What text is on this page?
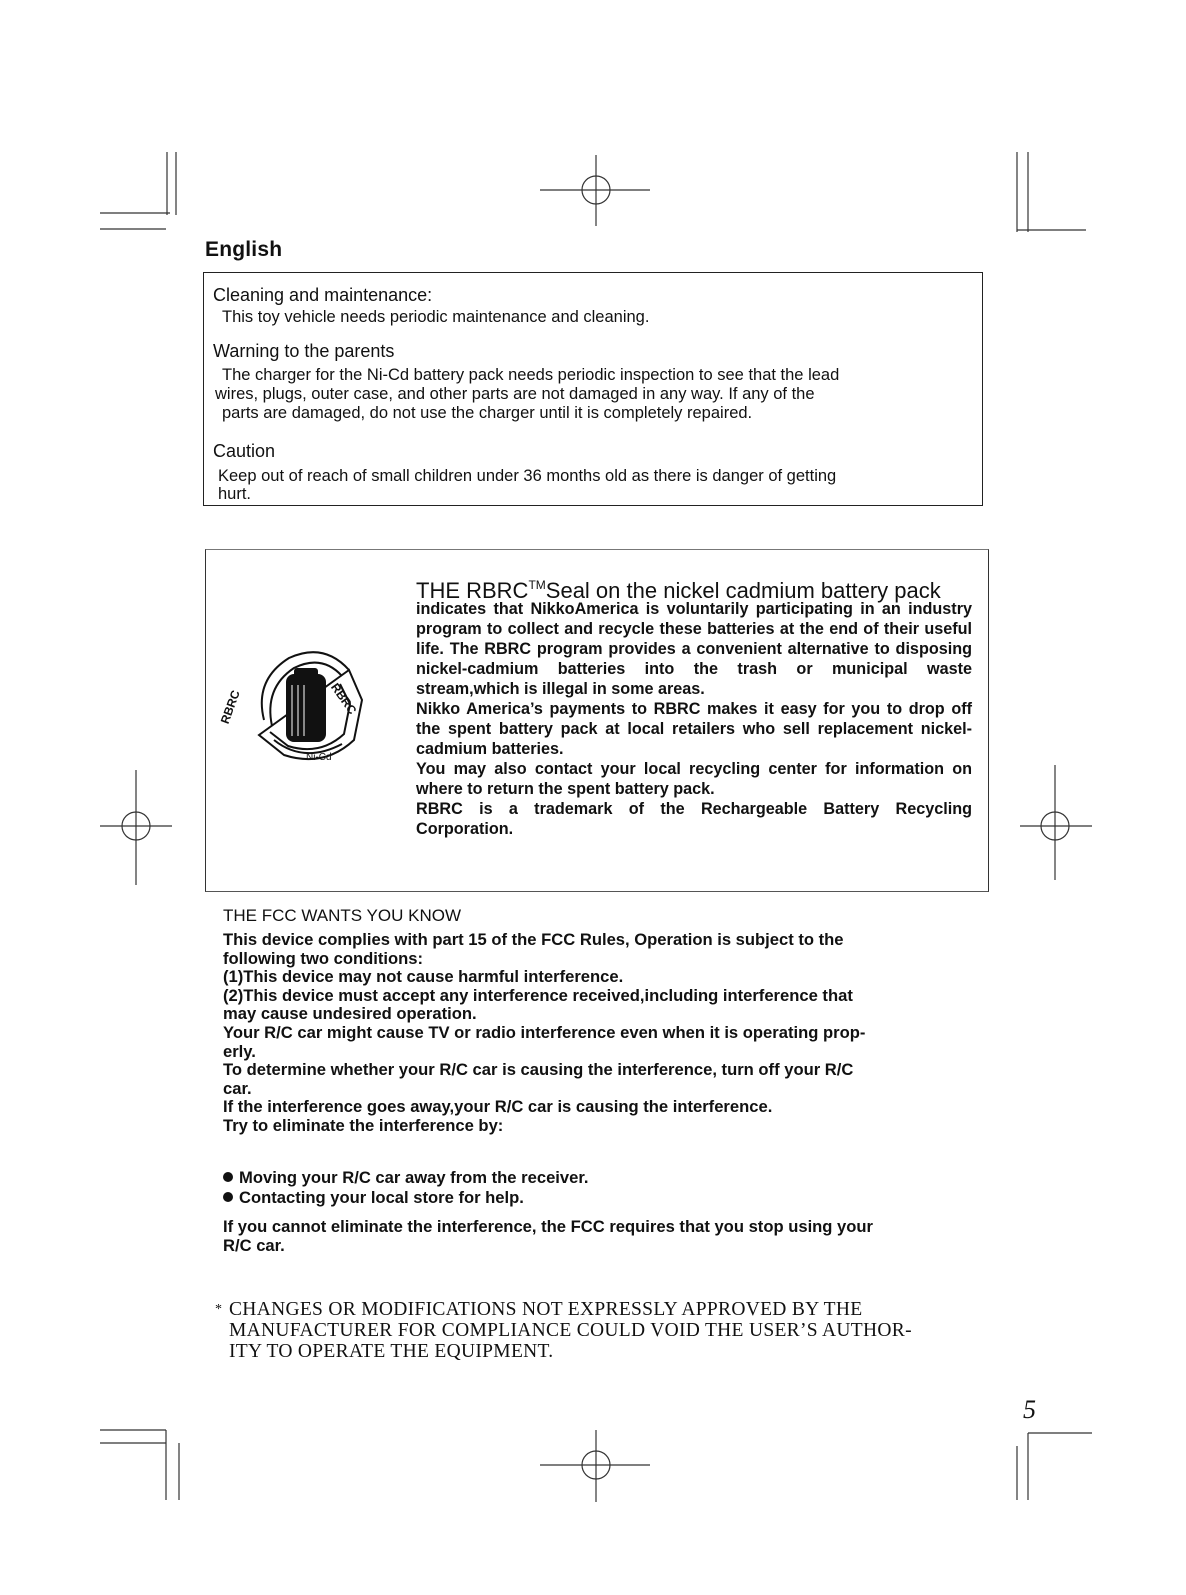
English
Cleaning and maintenance:
This toy vehicle needs periodic maintenance and cleaning.
Warning to the parents
The charger for the Ni-Cd battery pack needs periodic inspection to see that the lead
wires, plugs, outer case, and other parts are not damaged in any way. If any of the
parts are damaged, do not use the charger until it is completely repaired.
Caution
Keep out of reach of small children under 36 months old as there is danger of getting
hurt.
RBRC	RBRC
Ni-Cd
THE RBRC™Seal on the nickel cadmium battery pack

indicates that NikkoAmerica is voluntarily participating in an industry program to collect and recycle these batteries at the end of their useful life. The RBRC program provides a convenient alternative to disposing nickel-cadmium batteries into the trash or municipal waste stream,which is illegal in some areas.

Nikko America’s payments to RBRC makes it easy for you to drop off the spent battery pack at local retailers who sell replacement nickel-cadmium batteries.

You may also contact your local recycling center for information on where to return the spent battery pack.

RBRC is a trademark of the Rechargeable Battery Recycling Corporation.

THE FCC WANTS YOU KNOW

This device complies with part 15 of the FCC Rules, Operation is subject to the

following two conditions:

(1)This device may not cause harmful interference.

(2)This device must accept any interference received,including interference that

may cause undesired operation.

Your R/C car might cause TV or radio interference even when it is operating prop-

erly.

To determine whether your R/C car is causing the interference, turn off your R/C

car.

If the interference goes away,your R/C car is causing the interference.

Try to eliminate the interference by:

Moving your R/C car away from the receiver.
Contacting your local store for help.
If you cannot eliminate the interference, the FCC requires that you stop using your
R/C car.
* CHANGES OR MODIFICATIONS NOT EXPRESSLY APPROVED BY THE
MANUFACTURER FOR COMPLIANCE COULD VOID THE USER’S AUTHOR-
ITY TO OPERATE THE EQUIPMENT.
5
